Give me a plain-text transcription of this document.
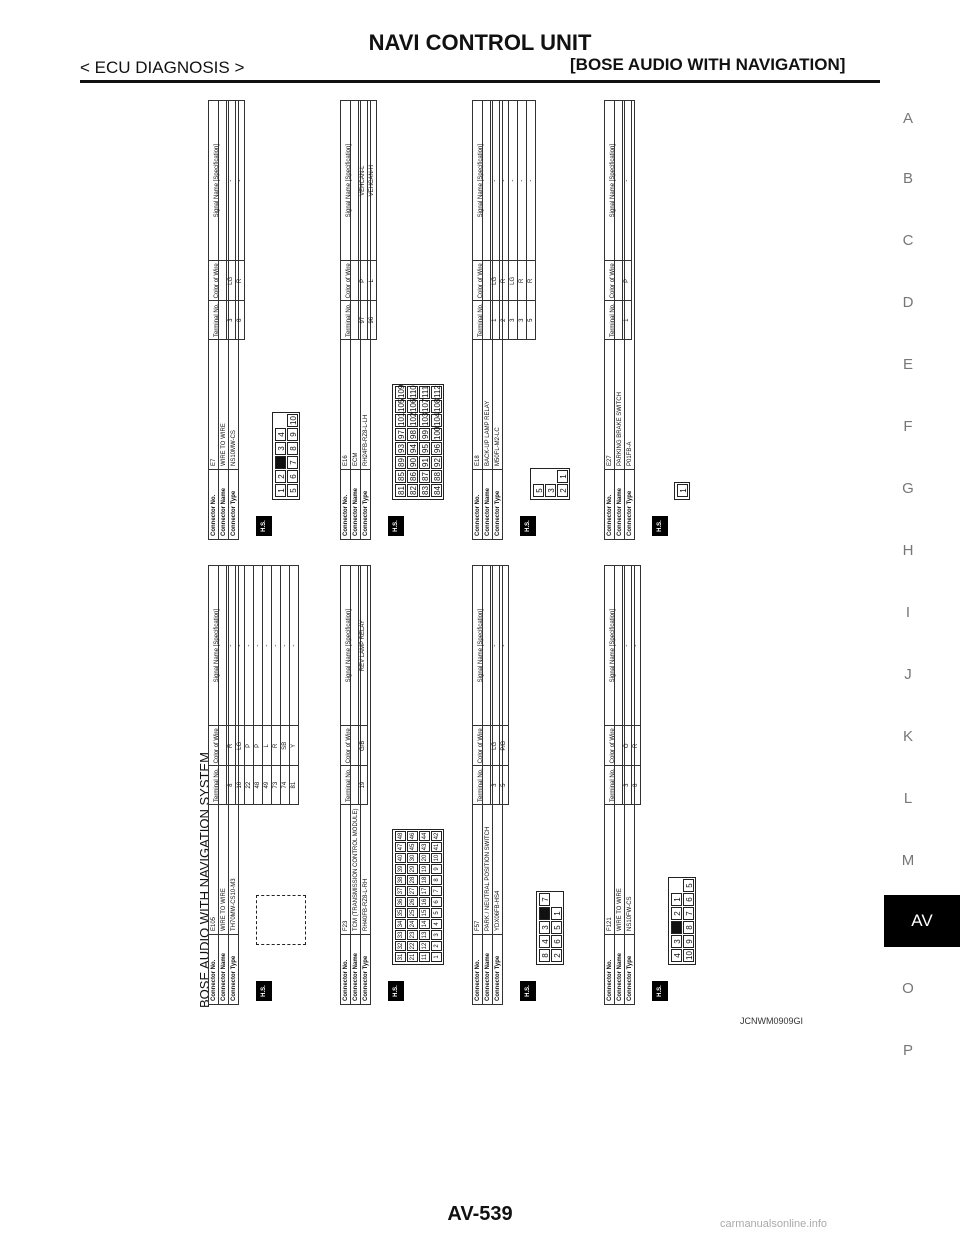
NAVI CONTROL UNIT
< ECU DIAGNOSIS >	[BOSE AUDIO WITH NAVIGATION]
A
B
C
D
E
F
G
H
I
J
K
L
M
AV
O
P
BOSE AUDIO WITH NAVIGATION SYSTEM
Connector No.	E7
Connector Name	WIRE TO WIRE
Connector Type	NS10MW-CS
H.S.
1
2
3
4
5
6
7
8
9
10
Terminal No.	Color of Wire	Signal Name [Specification]
3	LG	-
8	R	-
Connector No.	E16
Connector Name	ECM
Connector Type	RH24FB-RZ8-L-LH
H.S.
81
85
89
93
97
101
105
109
82
86
90
94
98
102
106
110
83
87
91
95
99
103
107
111
84
88
92
96
100
104
108
112
Terminal No.	Color of Wire	Signal Name [Specification]
97	P	VEHCAN-L
96	L	VEHCAN-H
Connector No.	E18
Connector Name	BACK-UP LAMP RELAY
Connector Type	M50FL-M2-LC
H.S.
5 3 2
1
Terminal No.	Color of Wire	Signal Name [Specification]
1	LG	-
2	R	-
3	LG	-
3	R	-
5	R	-
Connector No.	E27
Connector Name	PARKING BRAKE SWITCH
Connector Type	P01FB-A
H.S.
1
Terminal No.	Color of Wire	Signal Name [Specification]
1	P	-
Connector No.	E105
Connector Name	WIRE TO WIRE
Connector Type	TH70MW-CS10-M3
H.S.
Terminal No.	Color of Wire	Signal Name [Specification]
8	R	-
10	LG	-
22	P	-
48	P	-
49	L	-
73	R	-
74	SB	-
81	Y	-
Connector No.	F23
Connector Name	TCM (TRANSMISSION CONTROL MODULE)
Connector Type	RH40FB-RZ8-L-RH
H.S.
31
32
33
34
35
36
37
38
39
40
47
48
21
22
23
24
25
26
27
28
29
30
45
46
11
12
13
14
15
16
17
18
19
20
43
44
1
2
3
4
5
6
7
8
9
10
41
42
Terminal No.	Color of Wire	Signal Name [Specification]
19	G/B	REV LAMP RELAY
Connector No.	F57
Connector Name	PARK / NEUTRAL POSITION SWITCH
Connector Type	YDX06FB-HS4
H.S.
8
4
3
7
2
6
5
1
Terminal No.	Color of Wire	Signal Name [Specification]
3	LG	-
5	P/B	-
Connector No.	F121
Connector Name	WIRE TO WIRE
Connector Type	NS10FW-CS
H.S.
4
3
2
1
10
9
8
7
6
5
Terminal No.	Color of Wire	Signal Name [Specification]
3	O	-
8	R	-
JCNWM0909GI
AV-539	carmanualsonline.info
